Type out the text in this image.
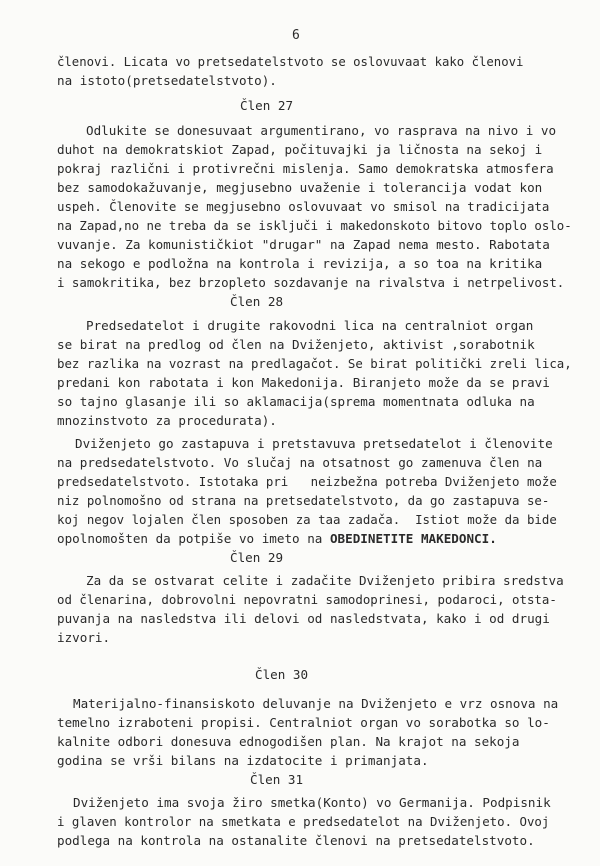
6
členovi. Licata vo pretsedatelstvoto se oslovuvaat kako členovi
na istoto(pretsedatelstvoto).
Člen 27
Odlukite se donesuvaat argumentirano, vo rasprava na nivo i vo
duhot na demokratskiot Zapad, počituvajki ja ličnosta na sekoj i
pokraj različni i protivrečni mislenja. Samo demokratska atmosfera
bez samodokažuvanje, megjusebno uvaženie i tolerancija vodat kon
uspeh. Členovite se megjusebno oslovuvaat vo smisol na tradicijata
na Zapad,no ne treba da se isključi i makedonskoto bitovo toplo oslo-
vuvanje. Za komunističkiot "drugar" na Zapad nema mesto. Rabotata
na sekogo e podložna na kontrola i revizija, a so toa na kritika
i samokritika, bez brzopleto sozdavanje na rivalstva i netrpelivost.
Člen 28
Predsedatelot i drugite rakovodni lica na centralniot organ
se birat na predlog od člen na Dviženjeto, aktivist ,sorabotnik
bez razlika na vozrast na predlagačot. Se birat politički zreli lica,
predani kon rabotata i kon Makedonija. Biranjeto može da se pravi
so tajno glasanje ili so aklamacija(sprema momentnata odluka na
mnozinstvoto za procedurata).
Dviženjeto go zastapuva i pretstavuva pretsedatelot i členovite
na predsedatelstvoto. Vo slučaj na otsatnost go zamenuva člen na
predsedatelstvoto. Istotaka pri   neizbežna potreba Dviženjeto može
niz polnomošno od strana na pretsedatelstvoto, da go zastapuva se-
koj negov lojalen člen sposoben za taa zadača.  Istiot može da bide
opolnomošten da potpiše vo imeto na OBEDINETITE MAKEDONCI.
Člen 29
Za da se ostvarat celite i zadačite Dviženjeto pribira sredstva
od členarina, dobrovolni nepovratni samodoprinesi, podaroci, otsta-
puvanja na nasledstva ili delovi od nasledstvata, kako i od drugi
izvori.
Člen 30
Materijalno-finansiskoto deluvanje na Dviženjeto e vrz osnova na
temelno izraboteni propisi. Centralniot organ vo sorabotka so lo-
kalnite odbori donesuva ednogodišen plan. Na krajot na sekoja
godina se vrši bilans na izdatocite i primanjata.
Člen 31
Dviženjeto ima svoja žiro smetka(Konto) vo Germanija. Podpisnik
i glaven kontrolor na smetkata e predsedatelot na Dviženjeto. Ovoj
podlega na kontrola na ostanalite členovi na pretsedatelstvoto.
